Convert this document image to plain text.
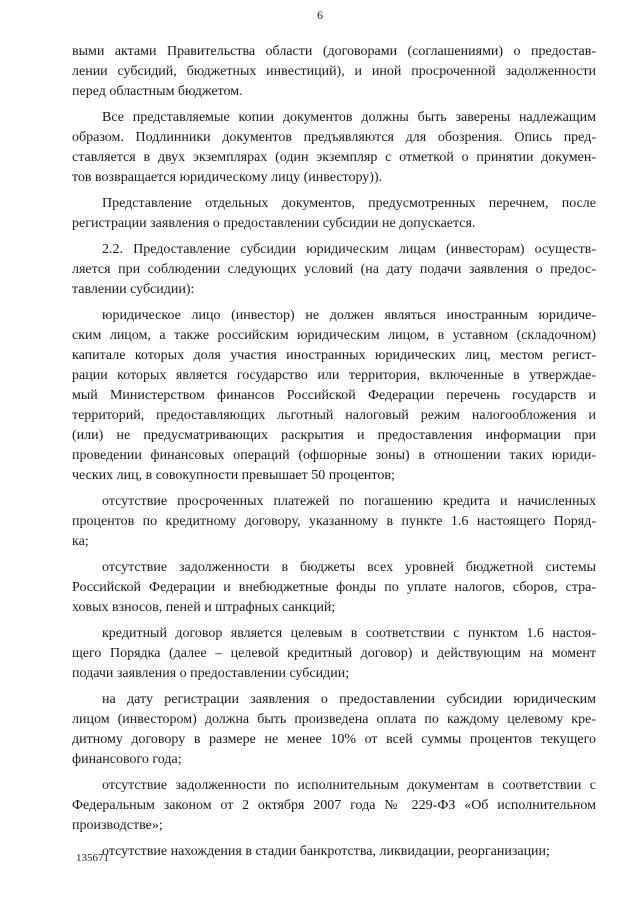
6
выми актами Правительства области (договорами (соглашениями) о предостав-
лении субсидий, бюджетных инвестиций), и иной просроченной задолженности
перед областным бюджетом.
Все представляемые копии документов должны быть заверены надлежащим
образом. Подлинники документов предъявляются для обозрения. Опись пред-
ставляется в двух экземплярах (один экземпляр с отметкой о принятии докумен-
тов возвращается юридическому лицу (инвестору)).
Представление отдельных документов, предусмотренных перечнем, после
регистрации заявления о предоставлении субсидии не допускается.
2.2. Предоставление субсидии юридическим лицам (инвесторам) осуществ-
ляется при соблюдении следующих условий (на дату подачи заявления о предос-
тавлении субсидии):
юридическое лицо (инвестор) не должен являться иностранным юридиче-
ским лицом, а также российским юридическим лицом, в уставном (складочном)
капитале которых доля участия иностранных юридических лиц, местом регист-
рации которых является государство или территория, включенные в утверждае-
мый Министерством финансов Российской Федерации перечень государств и
территорий, предоставляющих льготный налоговый режим налогообложения и
(или) не предусматривающих раскрытия и предоставления информации при
проведении финансовых операций (офшорные зоны) в отношении таких юриди-
ческих лиц, в совокупности превышает 50 процентов;
отсутствие просроченных платежей по погашению кредита и начисленных
процентов по кредитному договору, указанному в пункте 1.6 настоящего Поряд-
ка;
отсутствие задолженности в бюджеты всех уровней бюджетной системы
Российской Федерации и внебюджетные фонды по уплате налогов, сборов, стра-
ховых взносов, пеней и штрафных санкций;
кредитный договор является целевым в соответствии с пунктом 1.6 настоя-
щего Порядка (далее – целевой кредитный договор) и действующим на момент
подачи заявления о предоставлении субсидии;
на дату регистрации заявления о предоставлении субсидии юридическим
лицом (инвестором) должна быть произведена оплата по каждому целевому кре-
дитному договору в размере не менее 10% от всей суммы процентов текущего
финансового года;
отсутствие задолженности по исполнительным документам в соответствии с
Федеральным законом от 2 октября 2007 года № 229-ФЗ «Об исполнительном
производстве»;
отсутствие нахождения в стадии банкротства, ликвидации, реорганизации;
135671
